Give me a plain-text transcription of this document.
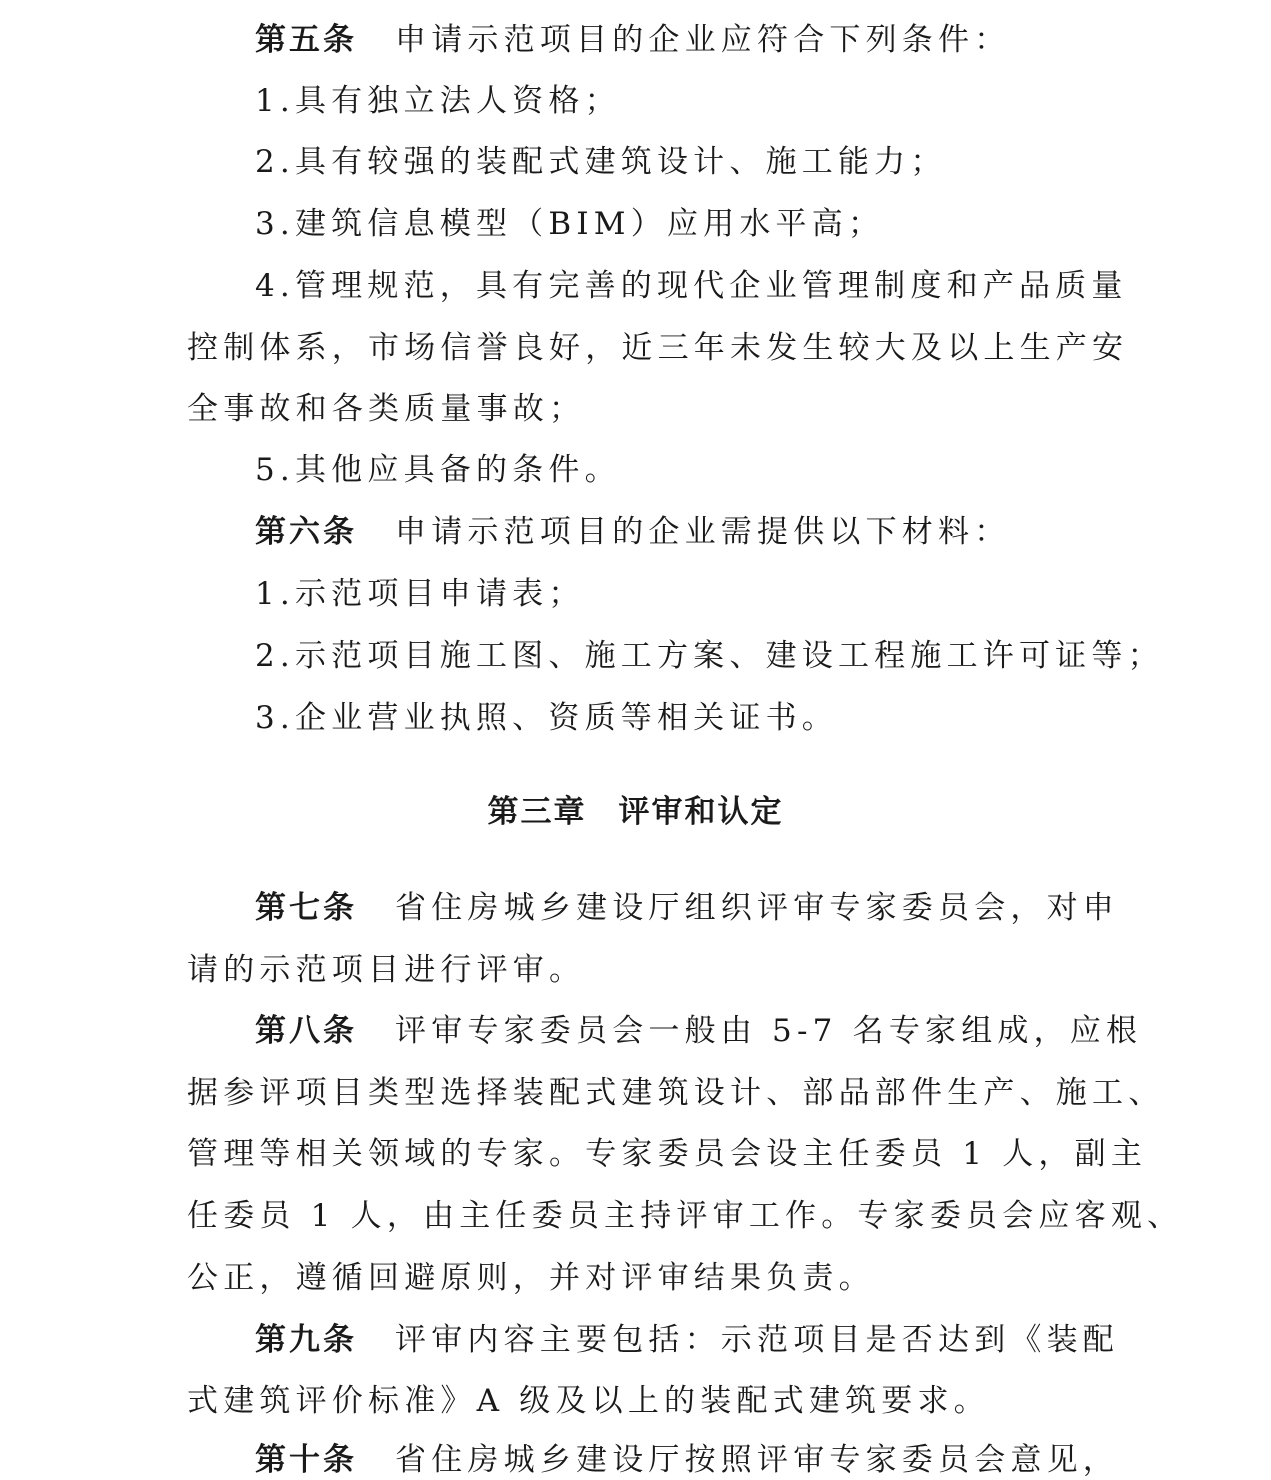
第五条 申请示范项目的企业应符合下列条件：
1.具有独立法人资格；
2.具有较强的装配式建筑设计、施工能力；
3.建筑信息模型（BIM）应用水平高；
4.管理规范，具有完善的现代企业管理制度和产品质量
控制体系，市场信誉良好，近三年未发生较大及以上生产安
全事故和各类质量事故；
5.其他应具备的条件。
第六条 申请示范项目的企业需提供以下材料：
1.示范项目申请表；
2.示范项目施工图、施工方案、建设工程施工许可证等；
3.企业营业执照、资质等相关证书。
第三章 评审和认定
第七条 省住房城乡建设厅组织评审专家委员会，对申
请的示范项目进行评审。
第八条 评审专家委员会一般由 5-7 名专家组成，应根
据参评项目类型选择装配式建筑设计、部品部件生产、施工、
管理等相关领域的专家。专家委员会设主任委员 1 人，副主
任委员 1 人，由主任委员主持评审工作。专家委员会应客观、
公正，遵循回避原则，并对评审结果负责。
第九条 评审内容主要包括：示范项目是否达到《装配
式建筑评价标准》A 级及以上的装配式建筑要求。
第十条 省住房城乡建设厅按照评审专家委员会意见，
